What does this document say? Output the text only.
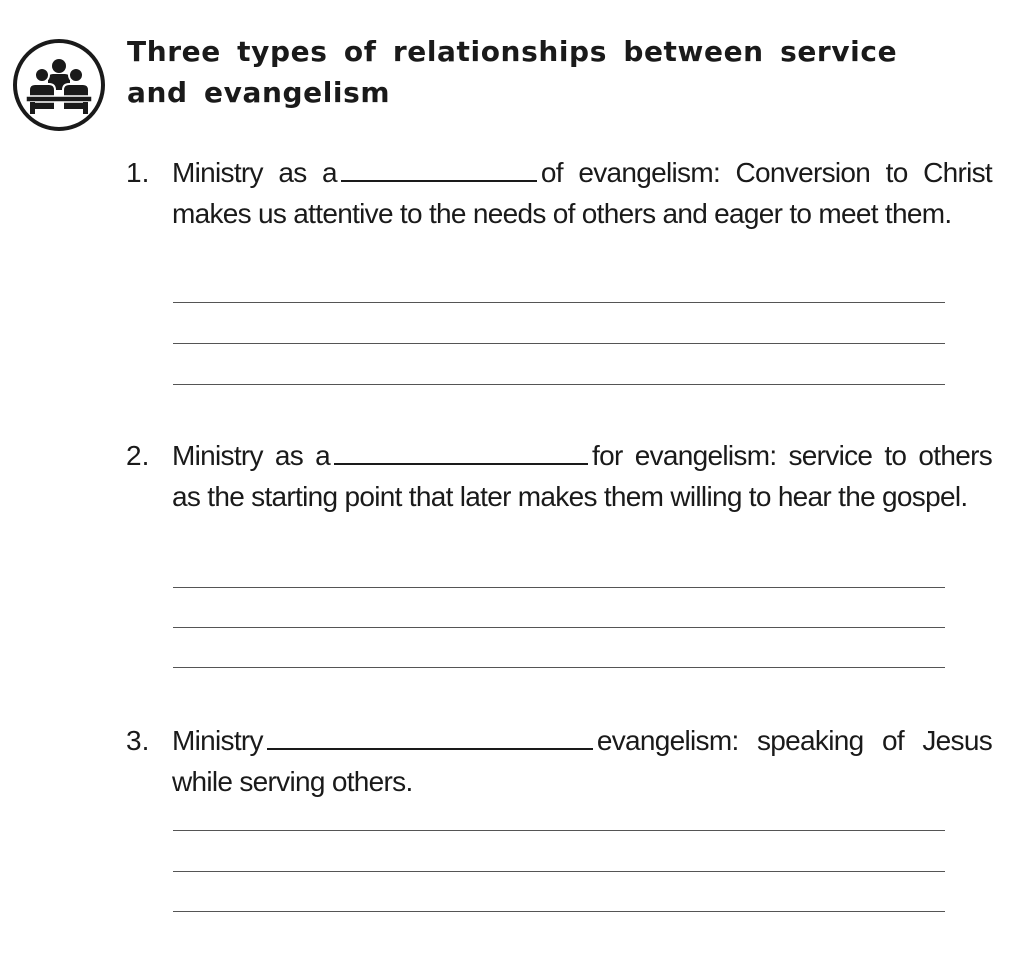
Three types of relationships between service and evangelism
1. Ministry as a	of evangelism: Conversion to Christ makes us attentive to the needs of others and eager to meet them.
2. Ministry as a	for evangelism: service to others as the starting point that later makes them willing to hear the gospel.
3. Ministry	evangelism: speaking of Jesus while serving others.
